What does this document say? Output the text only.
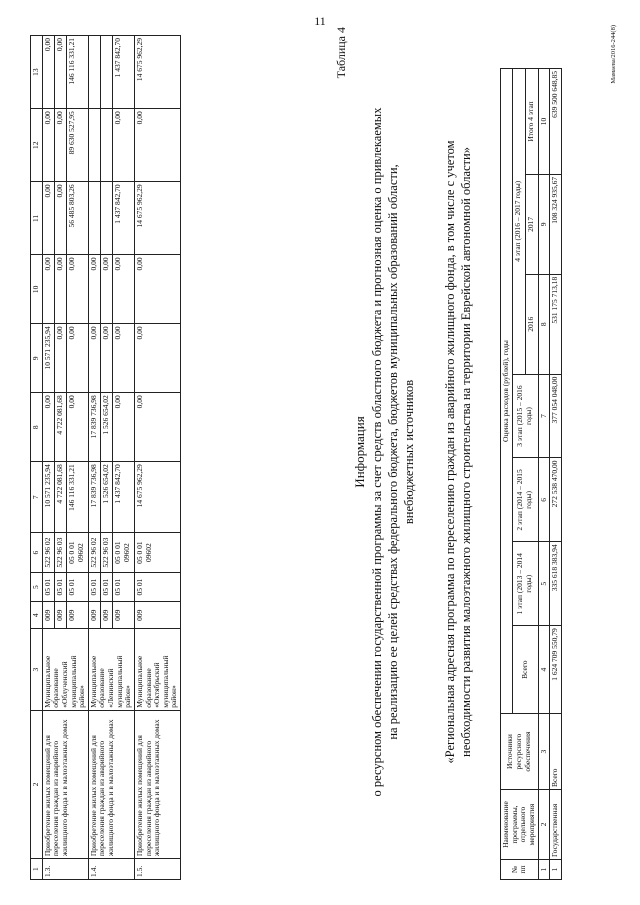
11
1	2	3	4	5	6	7	8	9	10	11	12	13
1.3.	Приобретение жилых помещений для переселения граждан из аварийного жилищного фонда и в малоэтажных домах	Муниципальное образование «Облученский муниципальный район»	009	05 01	522 96 02	10 571 235,94	0,00	10 571 235,94	0,00	0,00	0,00	0,00
			009	05 01	522 96 03	4 722 081,68	4 722 081,68	0,00	0,00	0,00	0,00	0,00
			009	05 01	05 0 01 09602	146 116 331,21	0,00	0,00	0,00	56 485 803,26	89 630 527,95	146 116 331,21
1.4.	Приобретение жилых помещений для переселения граждан из аварийного жилищного фонда и в малоэтажных домах	Муниципальное образование «Ленинский муниципальный район»	009	05 01	522 96 02	17 839 736,98	17 839 736,98	0,00	0,00			
			009	05 01	522 96 03	1 526 654,02	1 526 654,02	0,00	0,00			
			009	05 01	05 0 01 09602	1 437 842,70	0,00	0,00	0,00	1 437 842,70	0,00	1 437 842,70
1.5.	Приобретение жилых помещений для переселения граждан из аварийного жилищного фонда и в малоэтажных домах	Муниципальное образование «Октябрьский муниципальный район»	009	05 01	05 0 01 09602	14 675 962,29	0,00	0,00	0,00	14 675 962,29	0,00	14 675 962,29	Таблица 4
Информация о ресурсном обеспечении государственной программы за счет средств областного бюджета и прогнозная оценка о привлекаемых на реализацию ее целей средствах федерального бюджета, бюджетов муниципальных образований области, внебюджетных источников «Региональная адресная программа по переселению граждан из аварийного жилищного фонда, в том числе с учетом необходимости развития малоэтажного жилищного строительства на территории Еврейской автономной области»
№ пп	Наименование программы, отдельного мероприятия	Источники ресурсного обеспечения	Оценка расходов (рублей), годы						
			Всего	1 этап (2013 – 2014 годы)	2 этап (2014 – 2015 годы)	3 этап (2015 – 2016 годы)	4 этап (2016 – 2017 годы)		
							2016	2017	Итого 4 этап

1	2	3	4	5	6	7	8	9	10
1	Государственная	Всего	1 624 709 550,79	335 618 383,94	272 538 470,00	377 054 048,00	531 175 713,18	108 324 935,67	639 500 648,85
Мамаева/2016-244(8)
